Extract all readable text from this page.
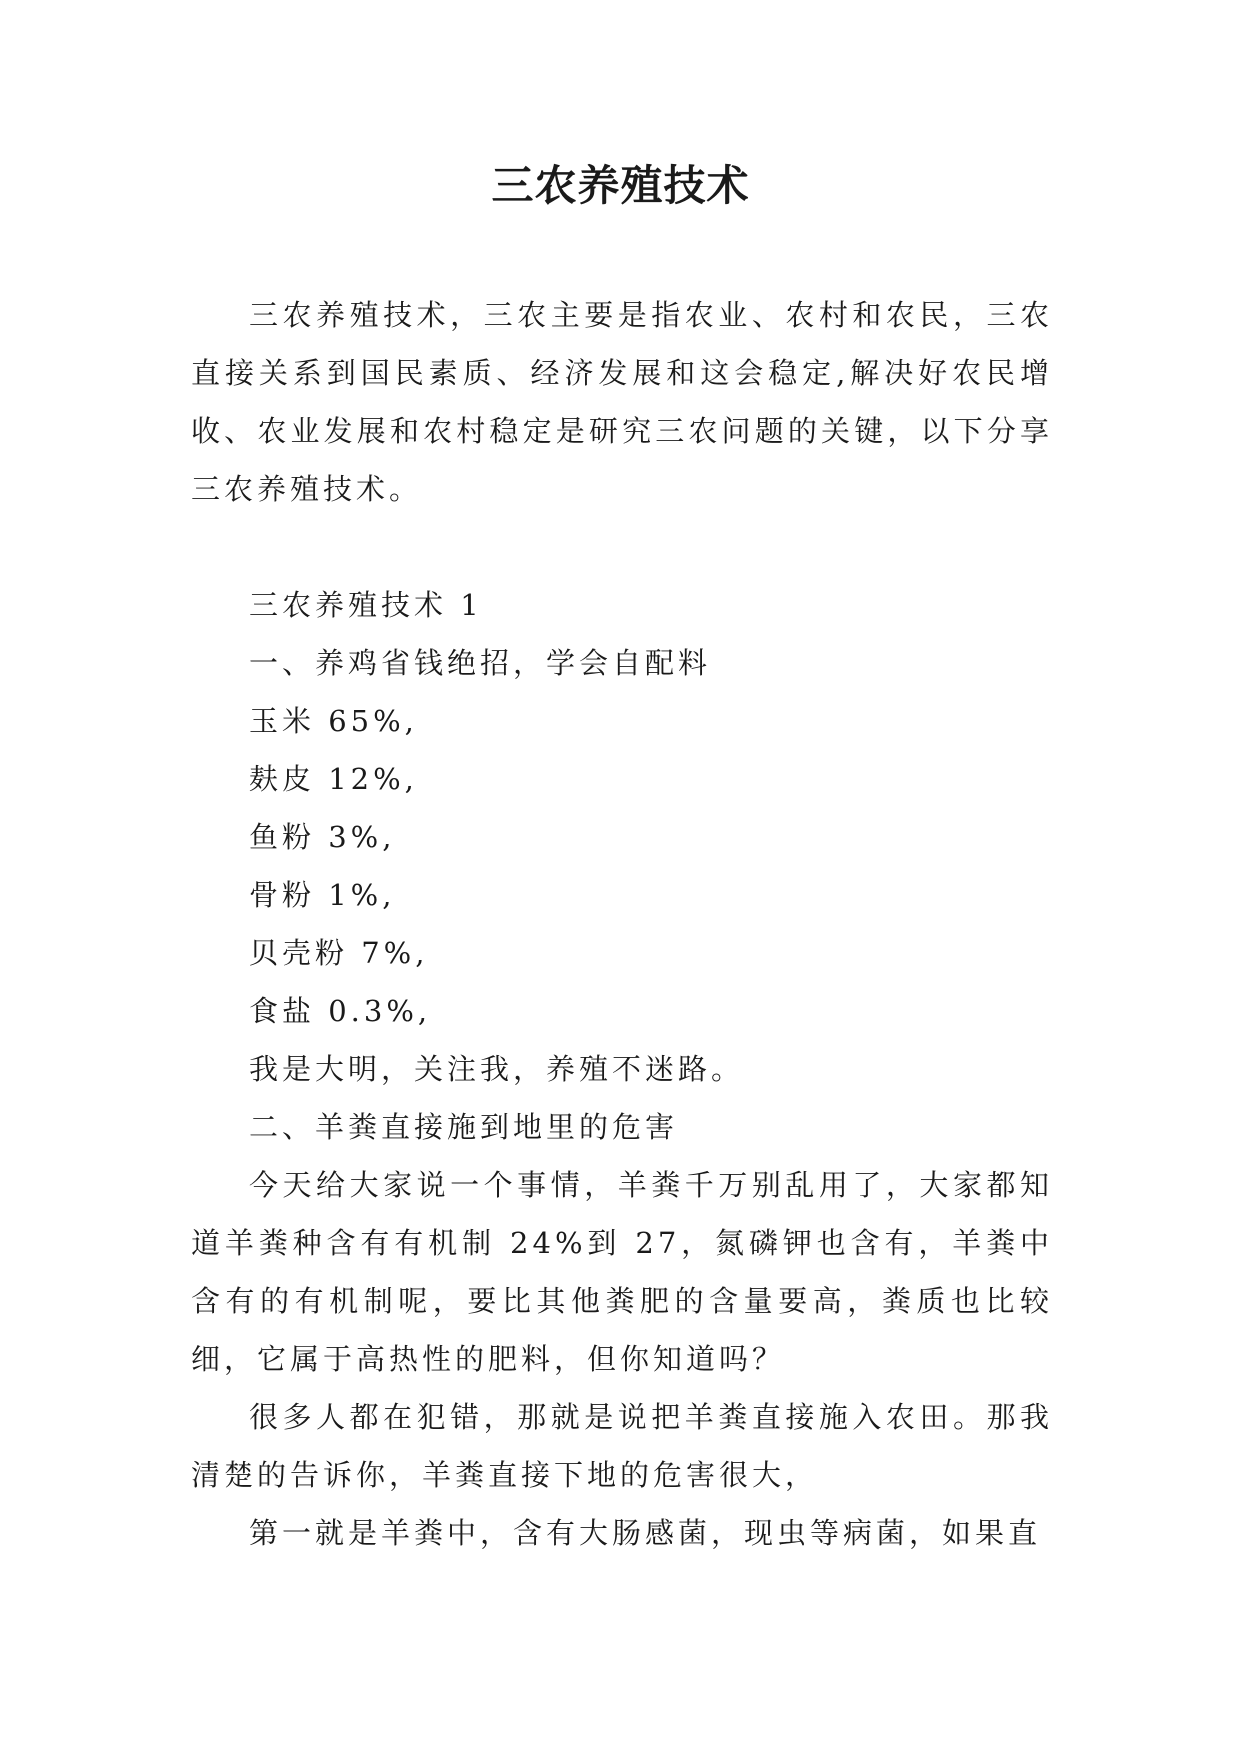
三农养殖技术

三农养殖技术，三农主要是指农业、农村和农民，三农直接关系到国民素质、经济发展和这会稳定,解决好农民增收、农业发展和农村稳定是研究三农问题的关键，以下分享三农养殖技术。

三农养殖技术 1

一、养鸡省钱绝招，学会自配料

玉米 65%,

麸皮 12%,

鱼粉 3%,

骨粉 1%,

贝壳粉 7%,

食盐 0.3%,

我是大明，关注我，养殖不迷路。

二、羊粪直接施到地里的危害

今天给大家说一个事情，羊粪千万别乱用了，大家都知道羊粪种含有有机制 24%到 27，氮磷钾也含有，羊粪中含有的有机制呢，要比其他粪肥的含量要高，粪质也比较细，它属于高热性的肥料，但你知道吗？

很多人都在犯错，那就是说把羊粪直接施入农田。那我清楚的告诉你，羊粪直接下地的危害很大，

第一就是羊粪中，含有大肠感菌，现虫等病菌，如果直
